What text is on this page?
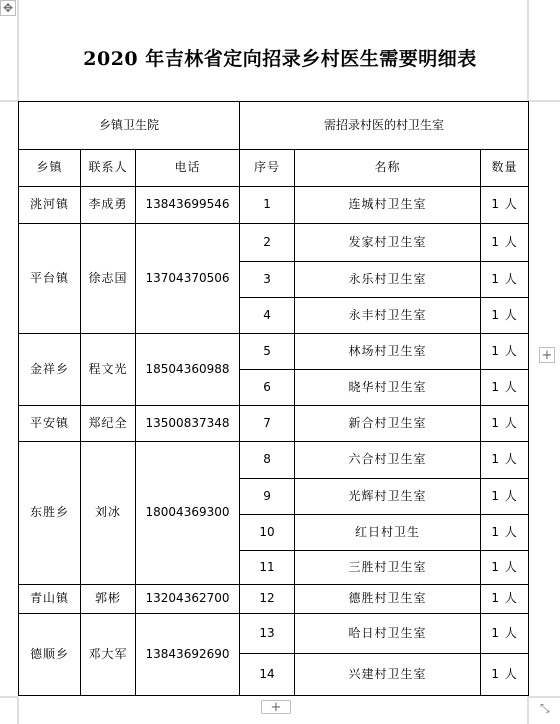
✥
2020 年吉林省定向招录乡村医生需要明细表
乡镇卫生院			需招录村医的村卫生室		
乡镇	联系人	电话	序号	名称	数量
洮河镇	李成勇	13843699546	1	连城村卫生室	1 人
平台镇	徐志国	13704370506	2	发家村卫生室	1 人
			3	永乐村卫生室	1 人
			4	永丰村卫生室	1 人
金祥乡	程文光	18504360988	5	林场村卫生室	1 人
			6	晓华村卫生室	1 人
平安镇	郑纪全	13500837348	7	新合村卫生室	1 人
东胜乡	刘冰	18004369300	8	六合村卫生室	1 人
			9	光辉村卫生室	1 人
			10	红日村卫生	1 人
			11	三胜村卫生室	1 人
青山镇	郭彬	13204362700	12	德胜村卫生室	1 人
德顺乡	邓大军	13843692690	13	哈日村卫生室	1 人
			14	兴建村卫生室	1 人
+
+	⤡
